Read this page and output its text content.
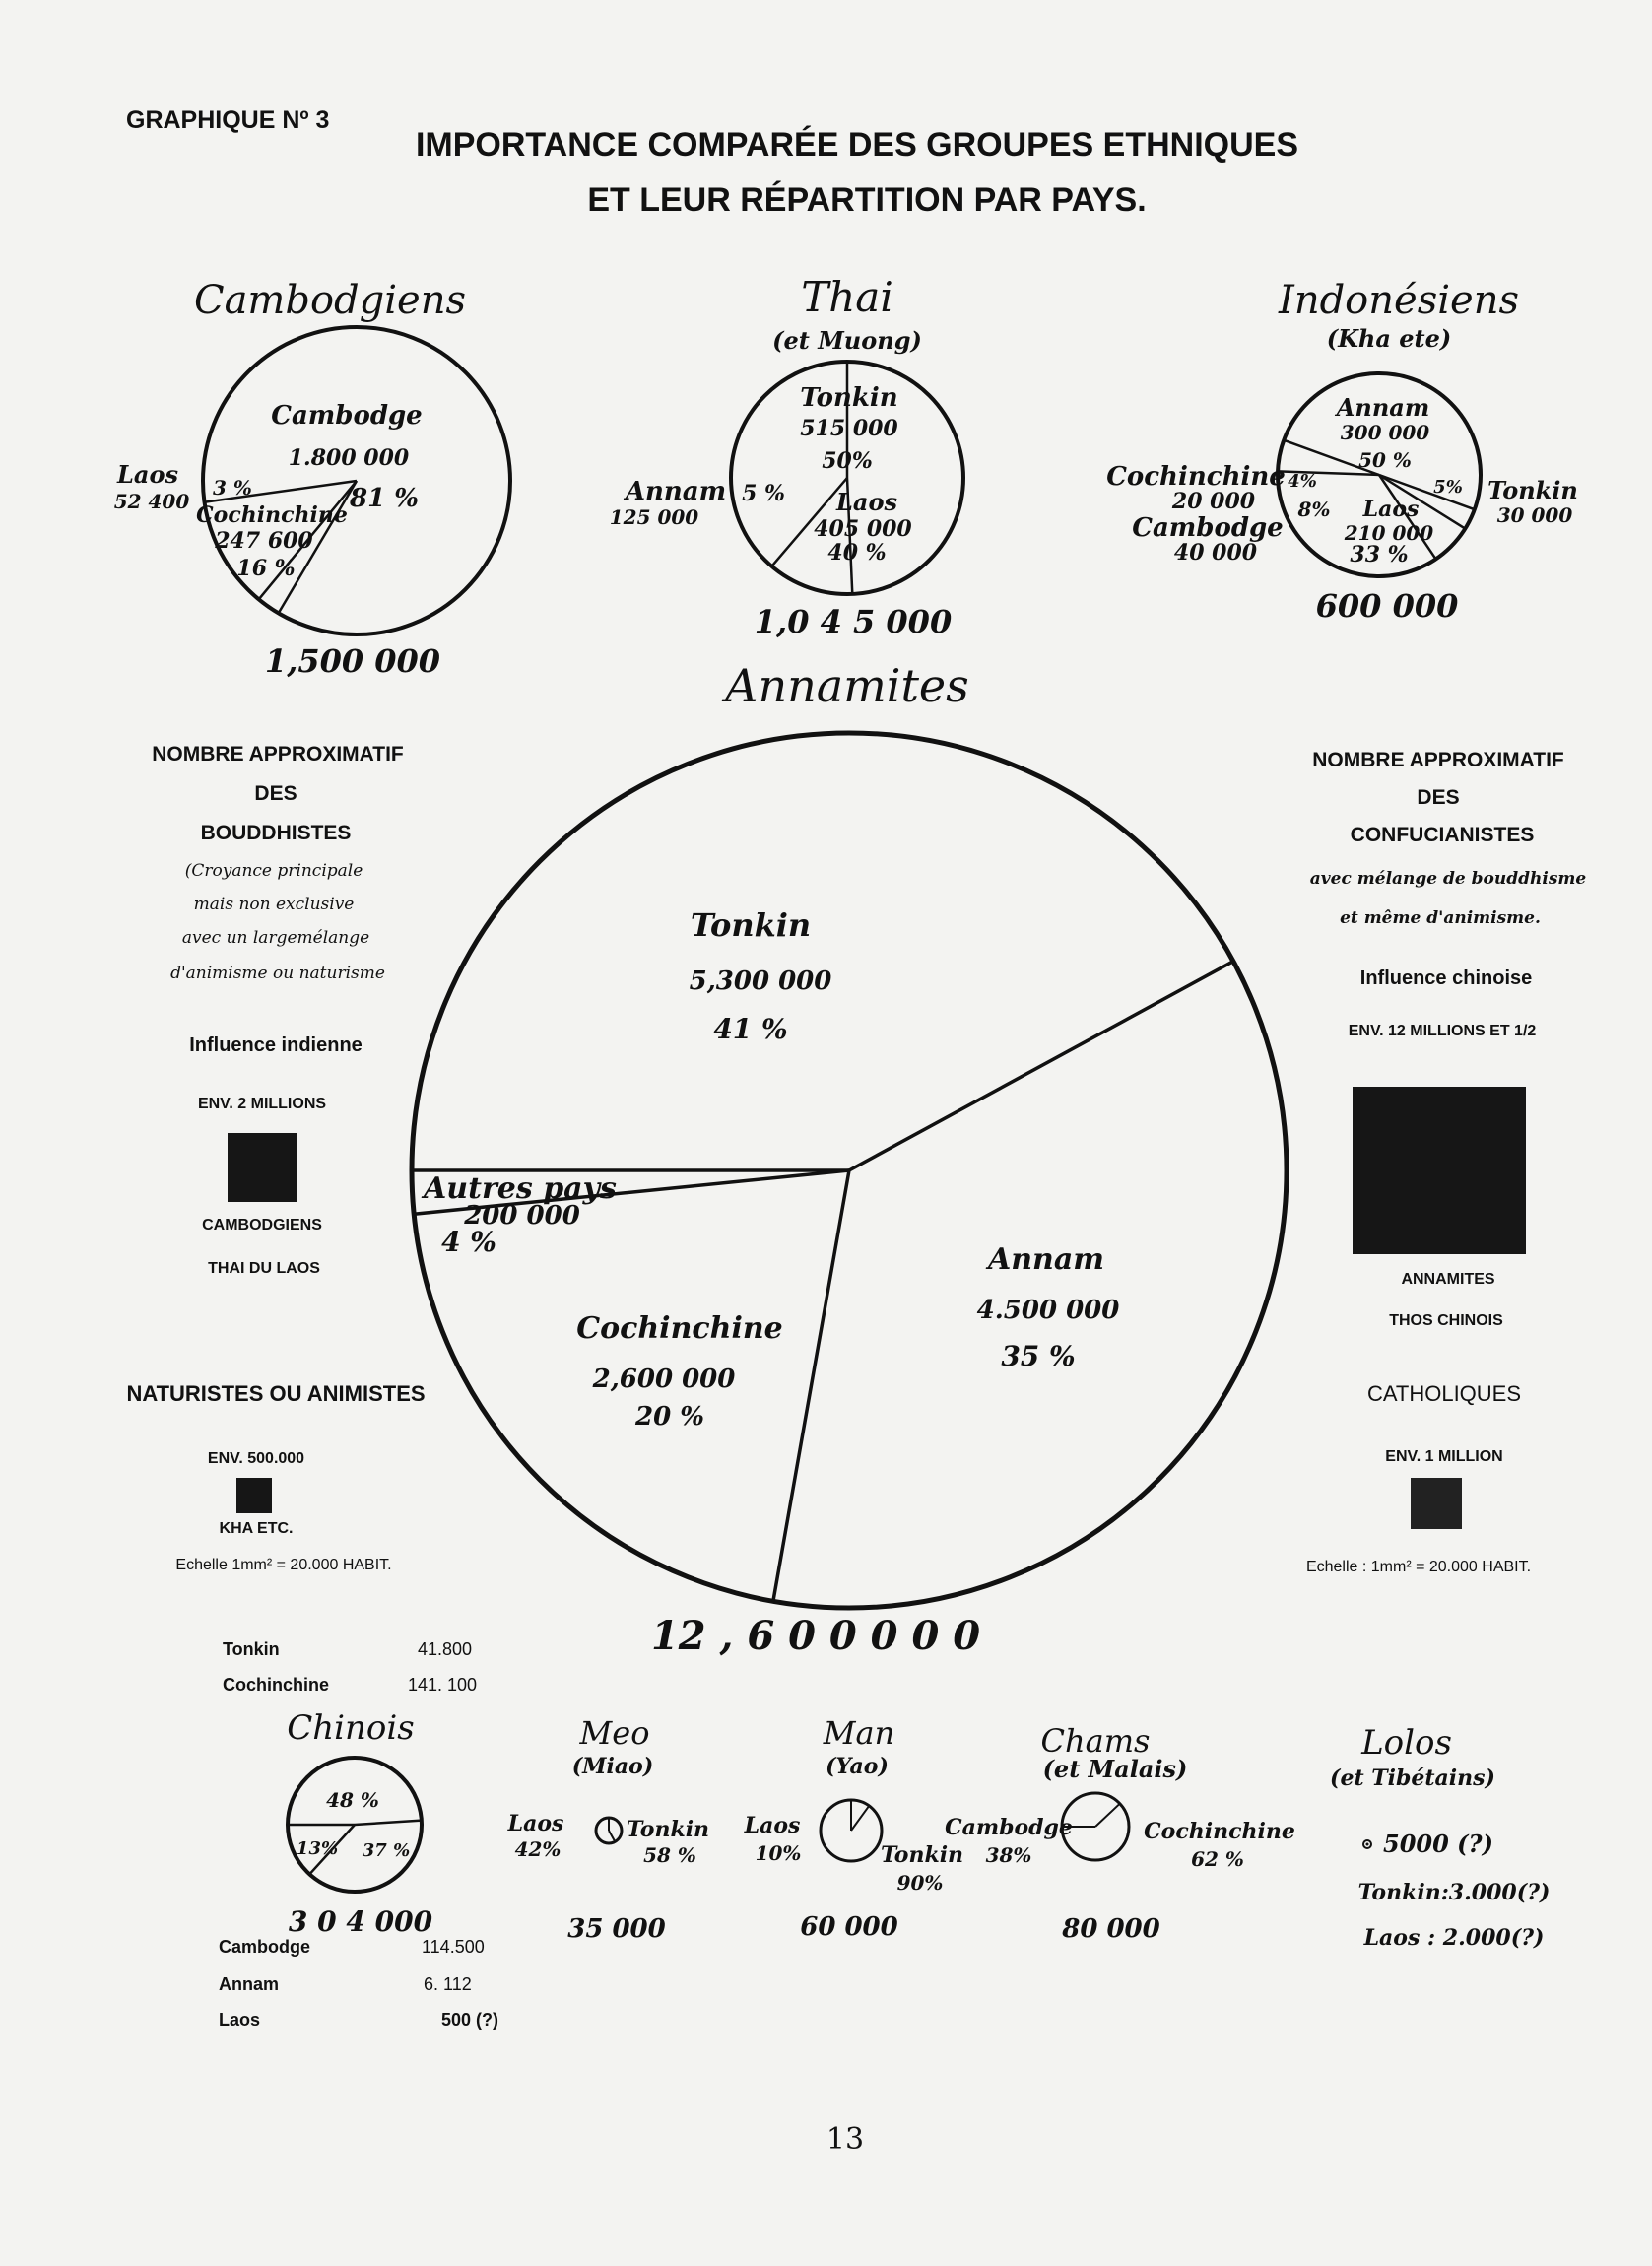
GRAPHIQUE Nº 3
IMPORTANCE COMPARÉE DES GROUPES ETHNIQUES
ET LEUR RÉPARTITION PAR PAYS.
NOMBRE APPROXIMATIF
DES
BOUDDHISTES
(Croyance principale
mais non exclusive
avec un largemélange
d'animisme ou naturisme
Influence indienne
ENV. 2 MILLIONS
CAMBODGIENS
THAI DU LAOS
NATURISTES OU ANIMISTES
ENV. 500.000
KHA ETC.
Echelle 1mm² = 20.000 HABIT.
NOMBRE APPROXIMATIF
DES
CONFUCIANISTES
avec mélange de bouddhisme
et même d'animisme.
Influence chinoise
ENV. 12 MILLIONS ET 1/2
ANNAMITES
THOS CHINOIS
CATHOLIQUES
ENV. 1 MILLION
Echelle : 1mm² = 20.000 HABIT.
Tonkin	41.800
Cochinchine	141. 100
Cambodge	114.500
Annam	6. 112
Laos	500 (?)
13
Cambodgiens
1,500 000
Cambodge
1.800 000
81 %
Laos
52 400
3 %
Cochinchine
247 600
16 %
Thai
(et Muong)
1,0 4 5 000
Tonkin
515 000
50%
Annam
125 000
5 % Laos
405 000
40 %
Indonésiens
(Kha ete)
600 000
Annam
300 000
50 %
Cochinchine
20 000
4%
Cambodge
40 000
8% Laos
210 000
33 %
Tonkin
30 000
5%
Annamites
12 , 6 0 0 0 0 0
Tonkin
5,300 000
41 %
Annam
4.500 000
35 %
Cochinchine
2,600 000
20 %
Autres pays
200 000
4 %
Chinois
3 0 4 000
48 %
37 %
13%
Meo
(Miao)
35 000
Laos
42%
Tonkin
58 %
Man
(Yao)
60 000
Laos
10%	Tonkin
90%
Chams
(et Malais)
80 000
Cambodge
38%
Cochinchine
62 %
Lolos
(et Tibétains)
5000 (?)
Tonkin:3.000(?)
Laos : 2.000(?)
